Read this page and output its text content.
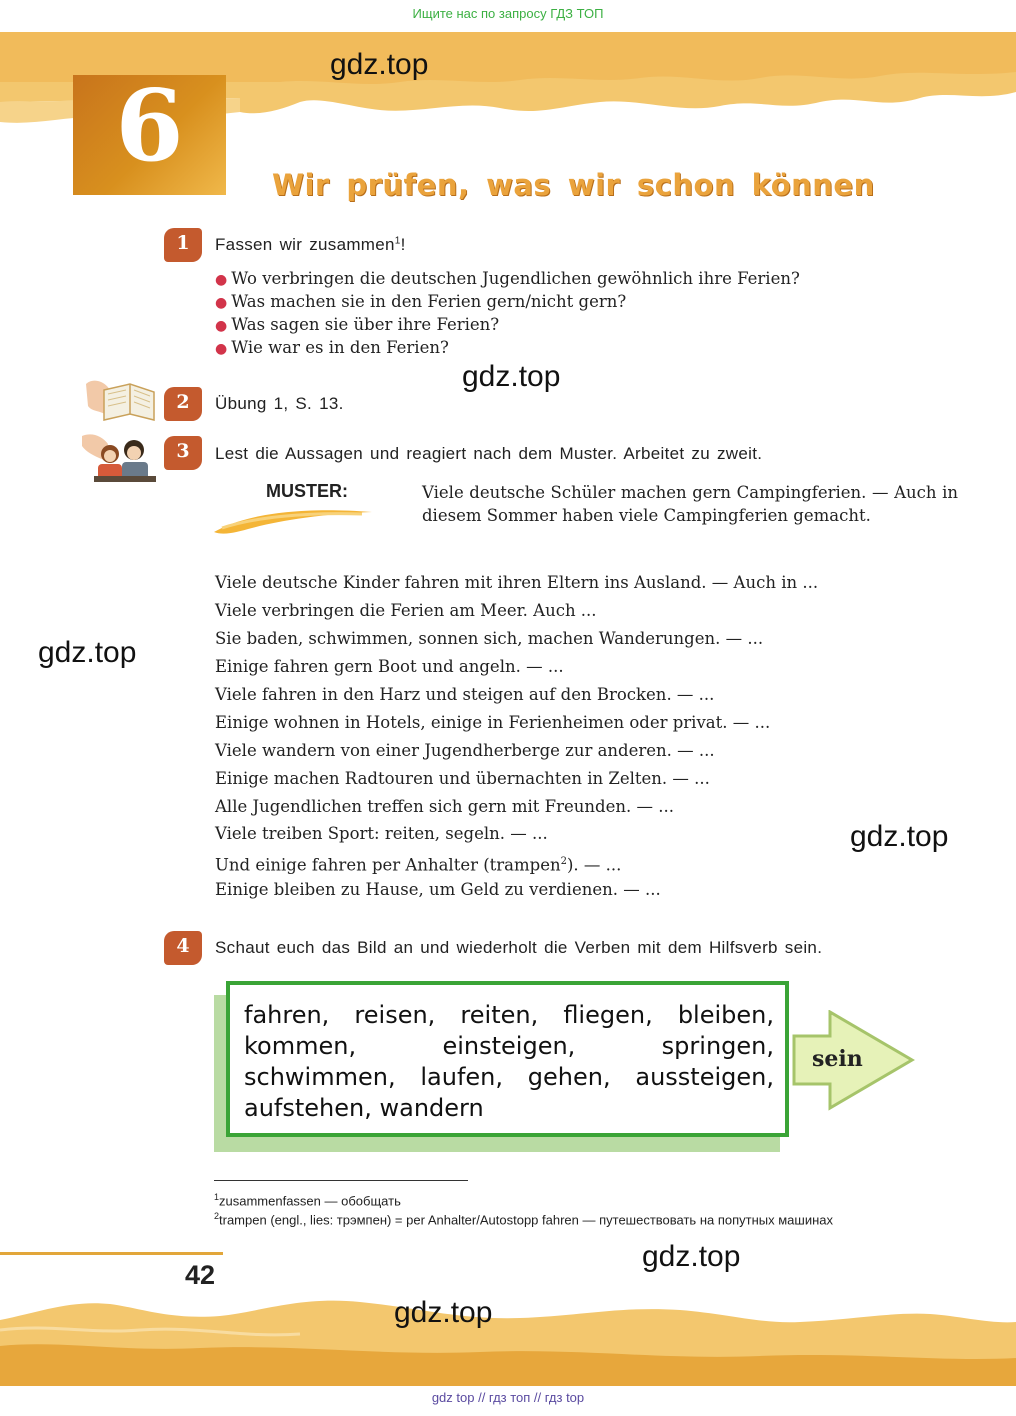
Ищите нас по запросу ГДЗ ТОП
gdz.top
6
Wir prüfen, was wir schon können
1	Fassen wir zusammen$^1$!
● Wo verbringen die deutschen Jugendlichen gewöhnlich ihre Ferien?
● Was machen sie in den Ferien gern/nicht gern?
● Was sagen sie über ihre Ferien?
● Wie war es in den Ferien?
gdz.top
2	Übung 1, S. 13.
3	Lest die Aussagen und reagiert nach dem Muster. Arbeitet zu zweit.
MUSTER:	Viele deutsche Schüler machen gern Campingferien. — Auch in diesem Sommer haben viele Campingferien gemacht.
Viele deutsche Kinder fahren mit ihren Eltern ins Ausland. — Auch in ...
Viele verbringen die Ferien am Meer. Auch ...
Sie baden, schwimmen, sonnen sich, machen Wanderungen. — ...
Einige fahren gern Boot und angeln. — ...
Viele fahren in den Harz und steigen auf den Brocken. — ...
Einige wohnen in Hotels, einige in Ferienheimen oder privat. — ...
Viele wandern von einer Jugendherberge zur anderen. — ...
Einige machen Radtouren und übernachten in Zelten. — ...
Alle Jugendlichen treffen sich gern mit Freunden. — ...
Viele treiben Sport: reiten, segeln. — ...
Und einige fahren per Anhalter (trampen$^2$). — ...
Einige bleiben zu Hause, um Geld zu verdienen. — ...
gdz.top
gdz.top
4	Schaut euch das Bild an und wiederholt die Verben mit dem Hilfsverb sein.
fahren, reisen, reiten, fliegen, bleiben, kommen, einsteigen, springen, schwimmen, laufen, gehen, aussteigen, aufstehen, wandern
sein
$^1$zusammenfassen — обобщать
$^2$trampen (engl., lies: трэмпен) = per Anhalter/Autostopp fahren — путешествовать на попутных машинах
gdz.top
42
gdz.top
gdz top // гдз топ // гдз top
